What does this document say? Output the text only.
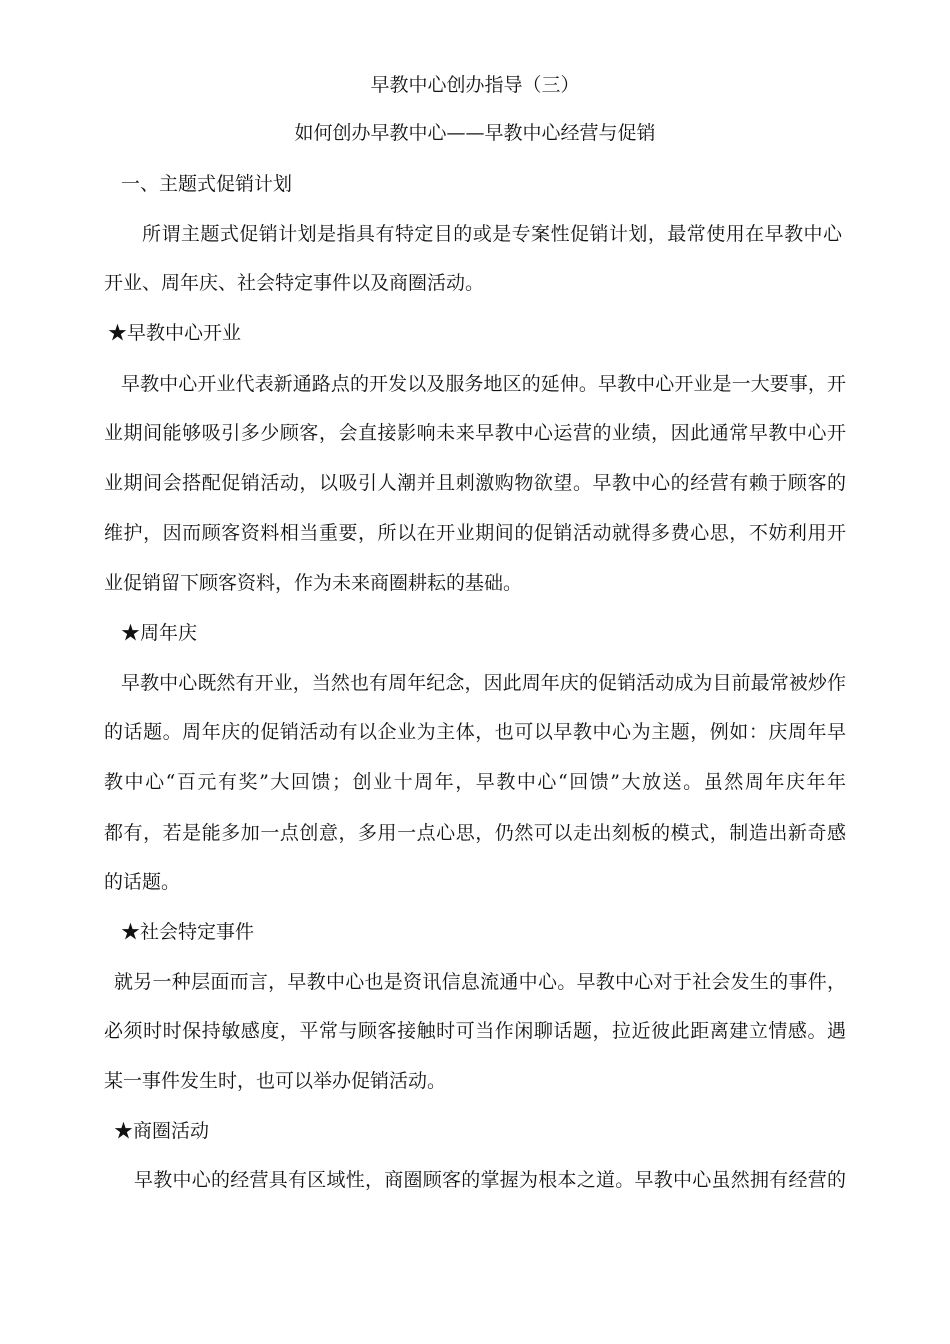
早教中心创办指导（三）

如何创办早教中心——早教中心经营与促销

一、主题式促销计划

所谓主题式促销计划是指具有特定目的或是专案性促销计划，最常使用在早教中心

开业、周年庆、社会特定事件以及商圈活动。

★早教中心开业

早教中心开业代表新通路点的开发以及服务地区的延伸。早教中心开业是一大要事，开

业期间能够吸引多少顾客，会直接影响未来早教中心运营的业绩，因此通常早教中心开

业期间会搭配促销活动，以吸引人潮并且刺激购物欲望。早教中心的经营有赖于顾客的

维护，因而顾客资料相当重要，所以在开业期间的促销活动就得多费心思，不妨利用开

业促销留下顾客资料，作为未来商圈耕耘的基础。

★周年庆

早教中心既然有开业，当然也有周年纪念，因此周年庆的促销活动成为目前最常被炒作

的话题。周年庆的促销活动有以企业为主体，也可以早教中心为主题，例如：庆周年早

教中心“百元有奖”大回馈；创业十周年，早教中心“回馈”大放送。虽然周年庆年年

都有，若是能多加一点创意，多用一点心思，仍然可以走出刻板的模式，制造出新奇感

的话题。

★社会特定事件

就另一种层面而言，早教中心也是资讯信息流通中心。早教中心对于社会发生的事件，

必须时时保持敏感度，平常与顾客接触时可当作闲聊话题，拉近彼此距离建立情感。遇

某一事件发生时，也可以举办促销活动。

★商圈活动

早教中心的经营具有区域性，商圈顾客的掌握为根本之道。早教中心虽然拥有经营的
